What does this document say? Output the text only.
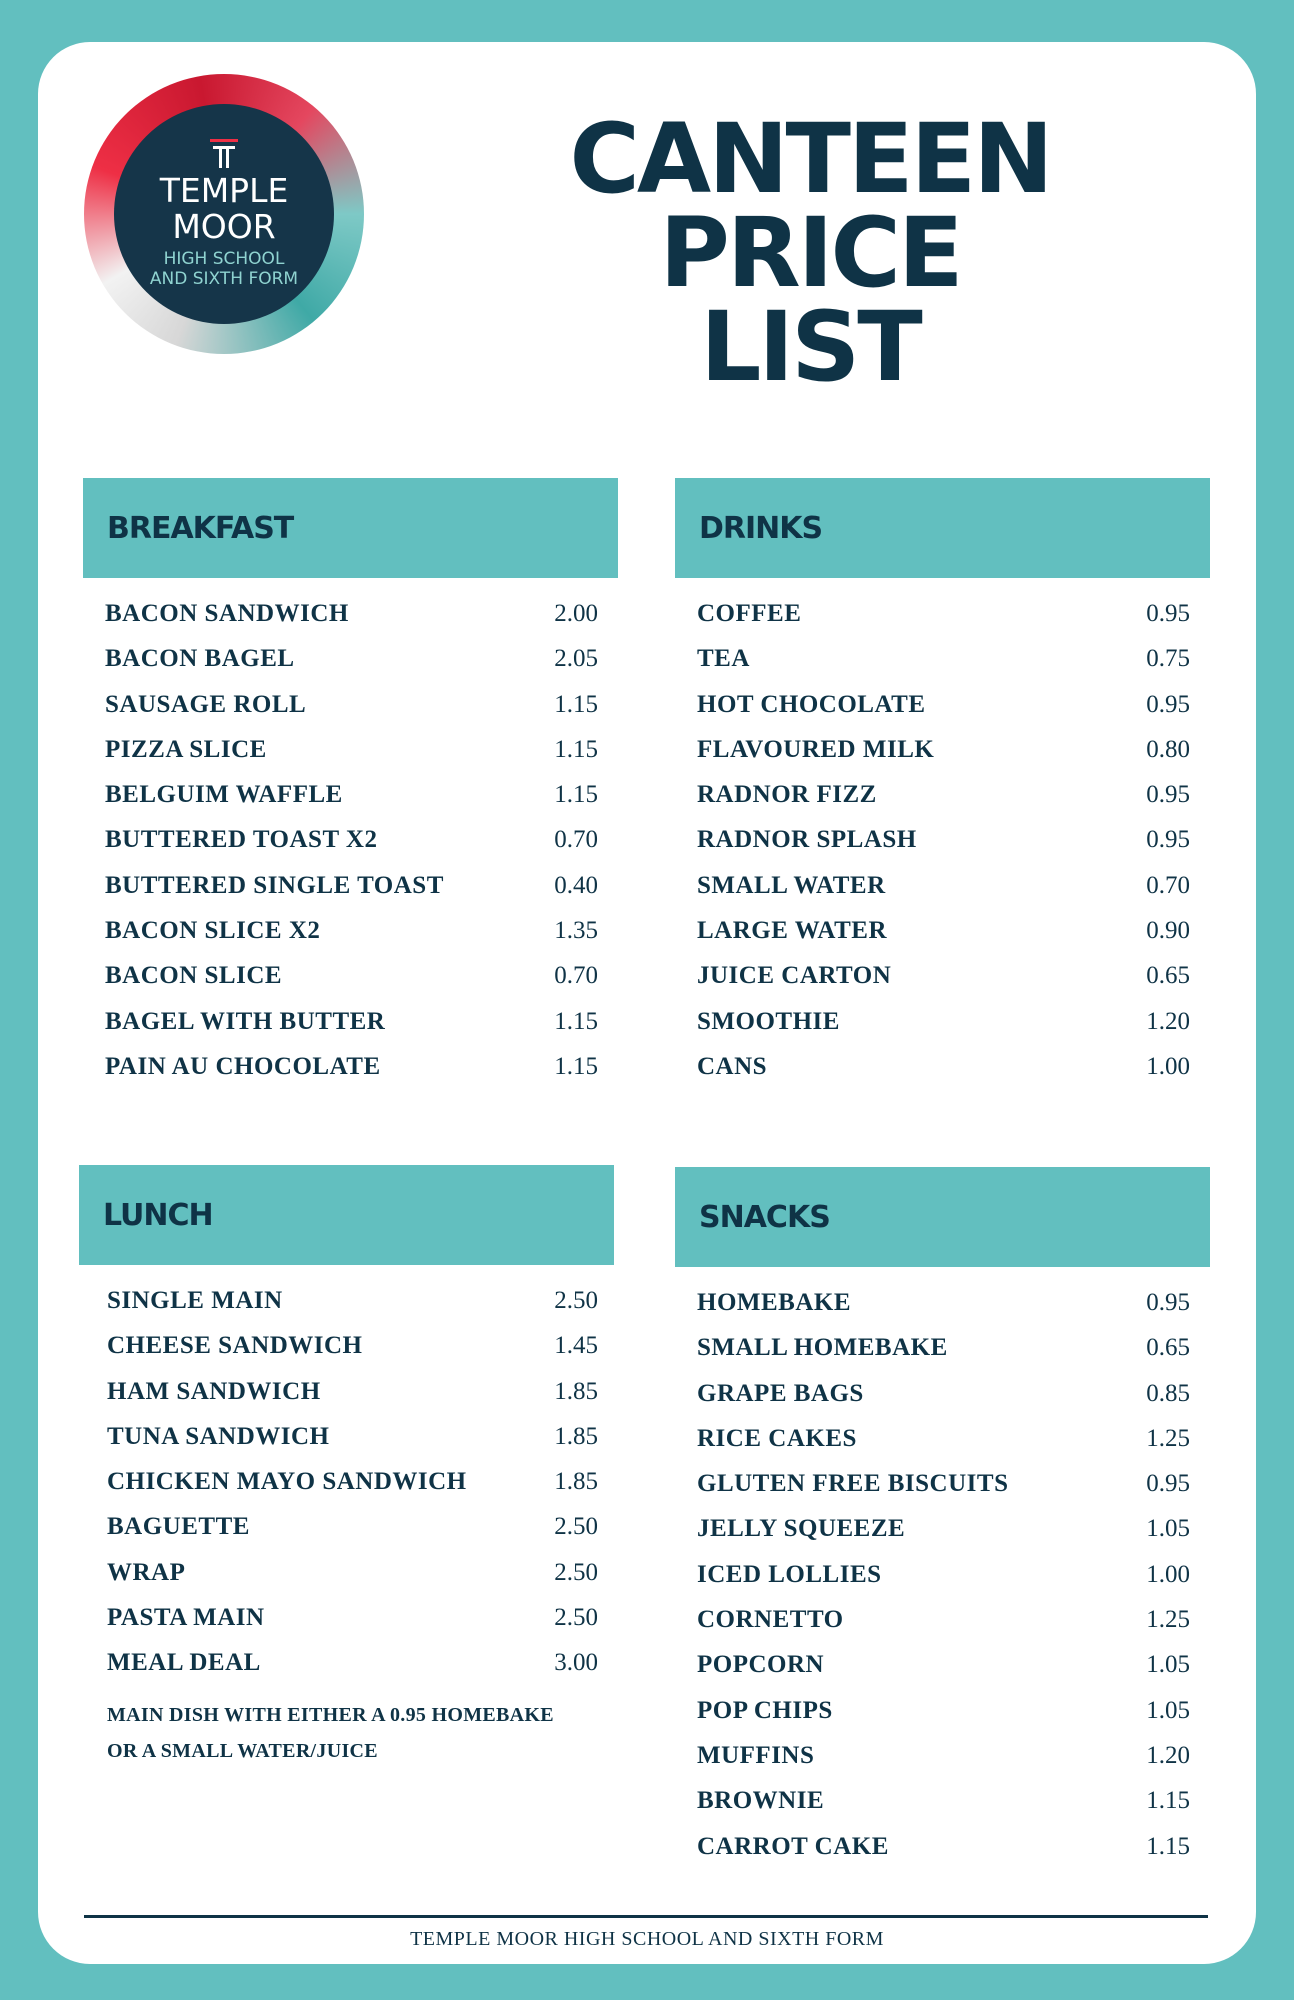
TEMPLE
MOOR
HIGH SCHOOL
AND SIXTH FORM
CANTEEN PRICE
LIST
BREAKFAST
BACON SANDWICH	2.00
BACON BAGEL	2.05
SAUSAGE ROLL	1.15
PIZZA SLICE	1.15
BELGUIM WAFFLE	1.15
BUTTERED TOAST X2	0.70
BUTTERED SINGLE TOAST	0.40
BACON SLICE X2	1.35
BACON SLICE	0.70
BAGEL WITH BUTTER	1.15
PAIN AU CHOCOLATE	1.15
DRINKS
COFFEE	0.95
TEA	0.75
HOT CHOCOLATE	0.95
FLAVOURED MILK	0.80
RADNOR FIZZ	0.95
RADNOR SPLASH	0.95
SMALL WATER	0.70
LARGE WATER	0.90
JUICE CARTON	0.65
SMOOTHIE	1.20
CANS	1.00
LUNCH
SINGLE MAIN	2.50
CHEESE SANDWICH	1.45
HAM SANDWICH	1.85
TUNA SANDWICH	1.85
CHICKEN MAYO SANDWICH	1.85
BAGUETTE	2.50
WRAP	2.50
PASTA MAIN	2.50
MEAL DEAL	3.00
MAIN DISH WITH EITHER A 0.95 HOMEBAKE OR A SMALL WATER/JUICE
SNACKS
HOMEBAKE	0.95
SMALL HOMEBAKE	0.65
GRAPE BAGS	0.85
RICE CAKES	1.25
GLUTEN FREE BISCUITS	0.95
JELLY SQUEEZE	1.05
ICED LOLLIES	1.00
CORNETTO	1.25
POPCORN	1.05
POP CHIPS	1.05
MUFFINS	1.20
BROWNIE	1.15
CARROT CAKE	1.15
TEMPLE MOOR HIGH SCHOOL AND SIXTH FORM
